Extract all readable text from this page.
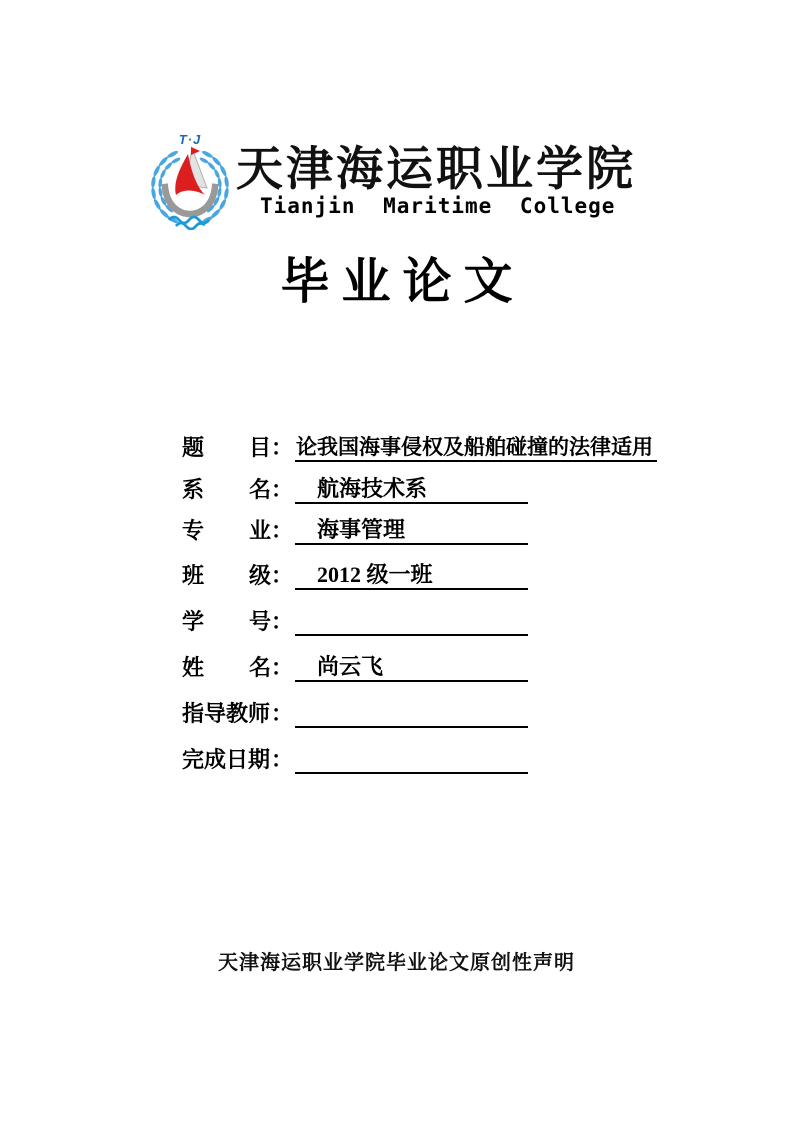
T·J
天津海运职业学院
Tianjin Maritime College
毕业论文
题 目 ： 论我国海事侵权及船舶碰撞的法律适用
系 名 ： 航海技术系
专 业 ： 海事管理
班 级 ： 2012 级一班
学 号 ：
姓 名 ： 尚云飞
指导教师 ：
完成日期 ：
天津海运职业学院毕业论文原创性声明
